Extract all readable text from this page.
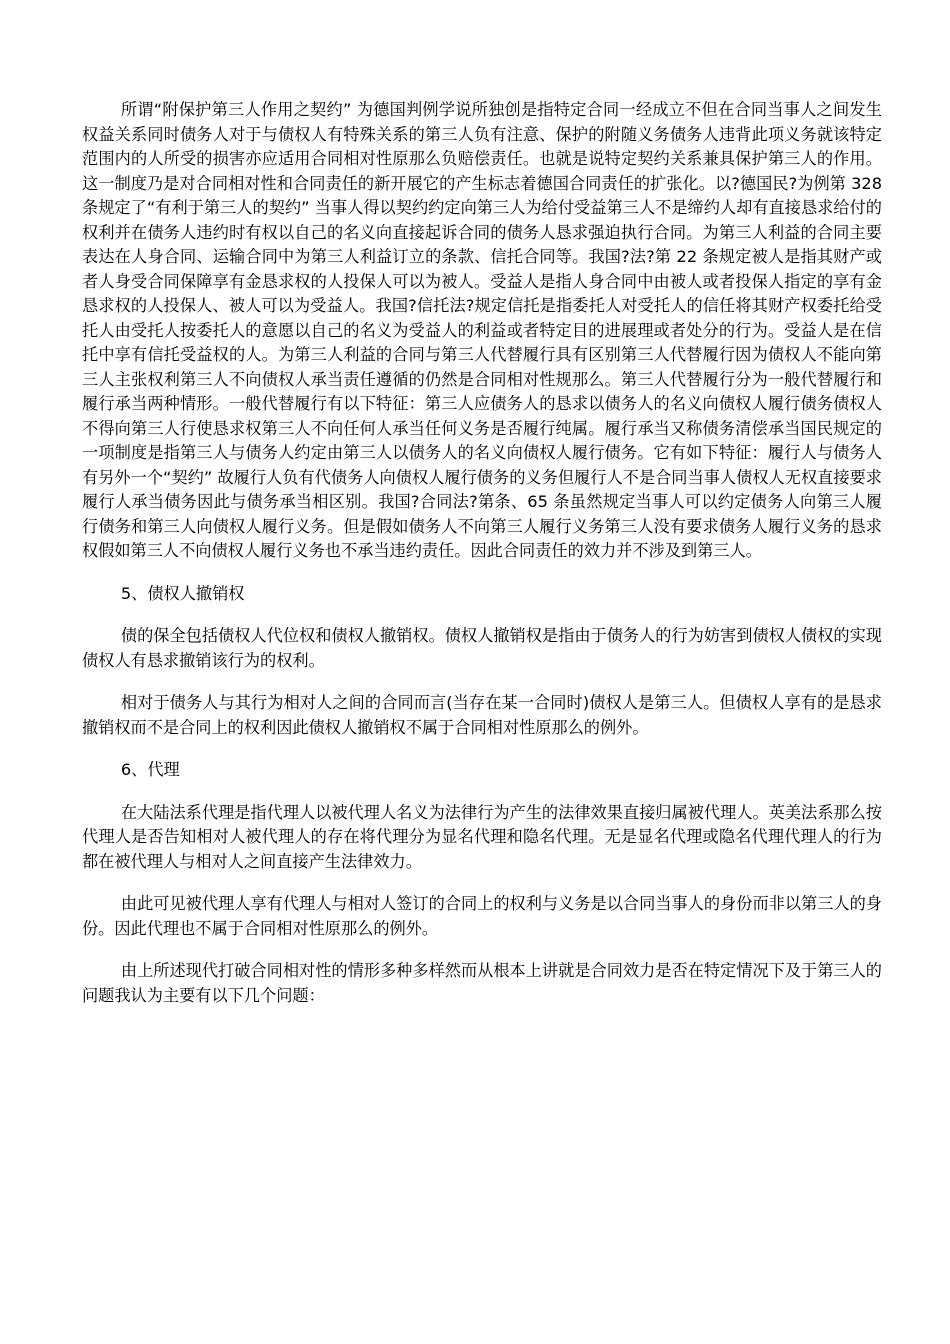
所谓“附保护第三人作用之契约” 为德国判例学说所独创是指特定合同一经成立不但在合同当事人之间发生权益关系同时债务人对于与债权人有特殊关系的第三人负有注意、保护的附随义务债务人违背此项义务就该特定范围内的人所受的损害亦应适用合同相对性原那么负赔偿责任。也就是说特定契约关系兼具保护第三人的作用。这一制度乃是对合同相对性和合同责任的新开展它的产生标志着德国合同责任的扩张化。以?德国民?为例第 328 条规定了“有利于第三人的契约” 当事人得以契约约定向第三人为给付受益第三人不是缔约人却有直接恳求给付的权利并在债务人违约时有权以自己的名义向直接起诉合同的债务人恳求强迫执行合同。为第三人利益的合同主要表达在人身合同、运输合同中为第三人利益订立的条款、信托合同等。我国?法?第 22 条规定被人是指其财产或者人身受合同保障享有金恳求权的人投保人可以为被人。受益人是指人身合同中由被人或者投保人指定的享有金恳求权的人投保人、被人可以为受益人。我国?信托法?规定信托是指委托人对受托人的信任将其财产权委托给受托人由受托人按委托人的意愿以自己的名义为受益人的利益或者特定目的进展理或者处分的行为。受益人是在信托中享有信托受益权的人。为第三人利益的合同与第三人代替履行具有区别第三人代替履行因为债权人不能向第三人主张权利第三人不向债权人承当责任遵循的仍然是合同相对性规那么。第三人代替履行分为一般代替履行和履行承当两种情形。一般代替履行有以下特征：第三人应债务人的恳求以债务人的名义向债权人履行债务债权人不得向第三人行使恳求权第三人不向任何人承当任何义务是否履行纯属。履行承当又称债务清偿承当国民规定的一项制度是指第三人与债务人约定由第三人以债务人的名义向债权人履行债务。它有如下特征：履行人与债务人有另外一个“契约” 故履行人负有代债务人向债权人履行债务的义务但履行人不是合同当事人债权人无权直接要求履行人承当债务因此与债务承当相区别。我国?合同法?第条、65 条虽然规定当事人可以约定债务人向第三人履行债务和第三人向债权人履行义务。但是假如债务人不向第三人履行义务第三人没有要求债务人履行义务的恳求权假如第三人不向债权人履行义务也不承当违约责任。因此合同责任的效力并不涉及到第三人。

5、债权人撤销权

债的保全包括债权人代位权和债权人撤销权。债权人撤销权是指由于债务人的行为妨害到债权人债权的实现债权人有恳求撤销该行为的权利。

相对于债务人与其行为相对人之间的合同而言(当存在某一合同时)债权人是第三人。但债权人享有的是恳求撤销权而不是合同上的权利因此债权人撤销权不属于合同相对性原那么的例外。

6、代理

在大陆法系代理是指代理人以被代理人名义为法律行为产生的法律效果直接归属被代理人。英美法系那么按代理人是否告知相对人被代理人的存在将代理分为显名代理和隐名代理。无是显名代理或隐名代理代理人的行为都在被代理人与相对人之间直接产生法律效力。

由此可见被代理人享有代理人与相对人签订的合同上的权利与义务是以合同当事人的身份而非以第三人的身份。因此代理也不属于合同相对性原那么的例外。

由上所述现代打破合同相对性的情形多种多样然而从根本上讲就是合同效力是否在特定情况下及于第三人的问题我认为主要有以下几个问题：
